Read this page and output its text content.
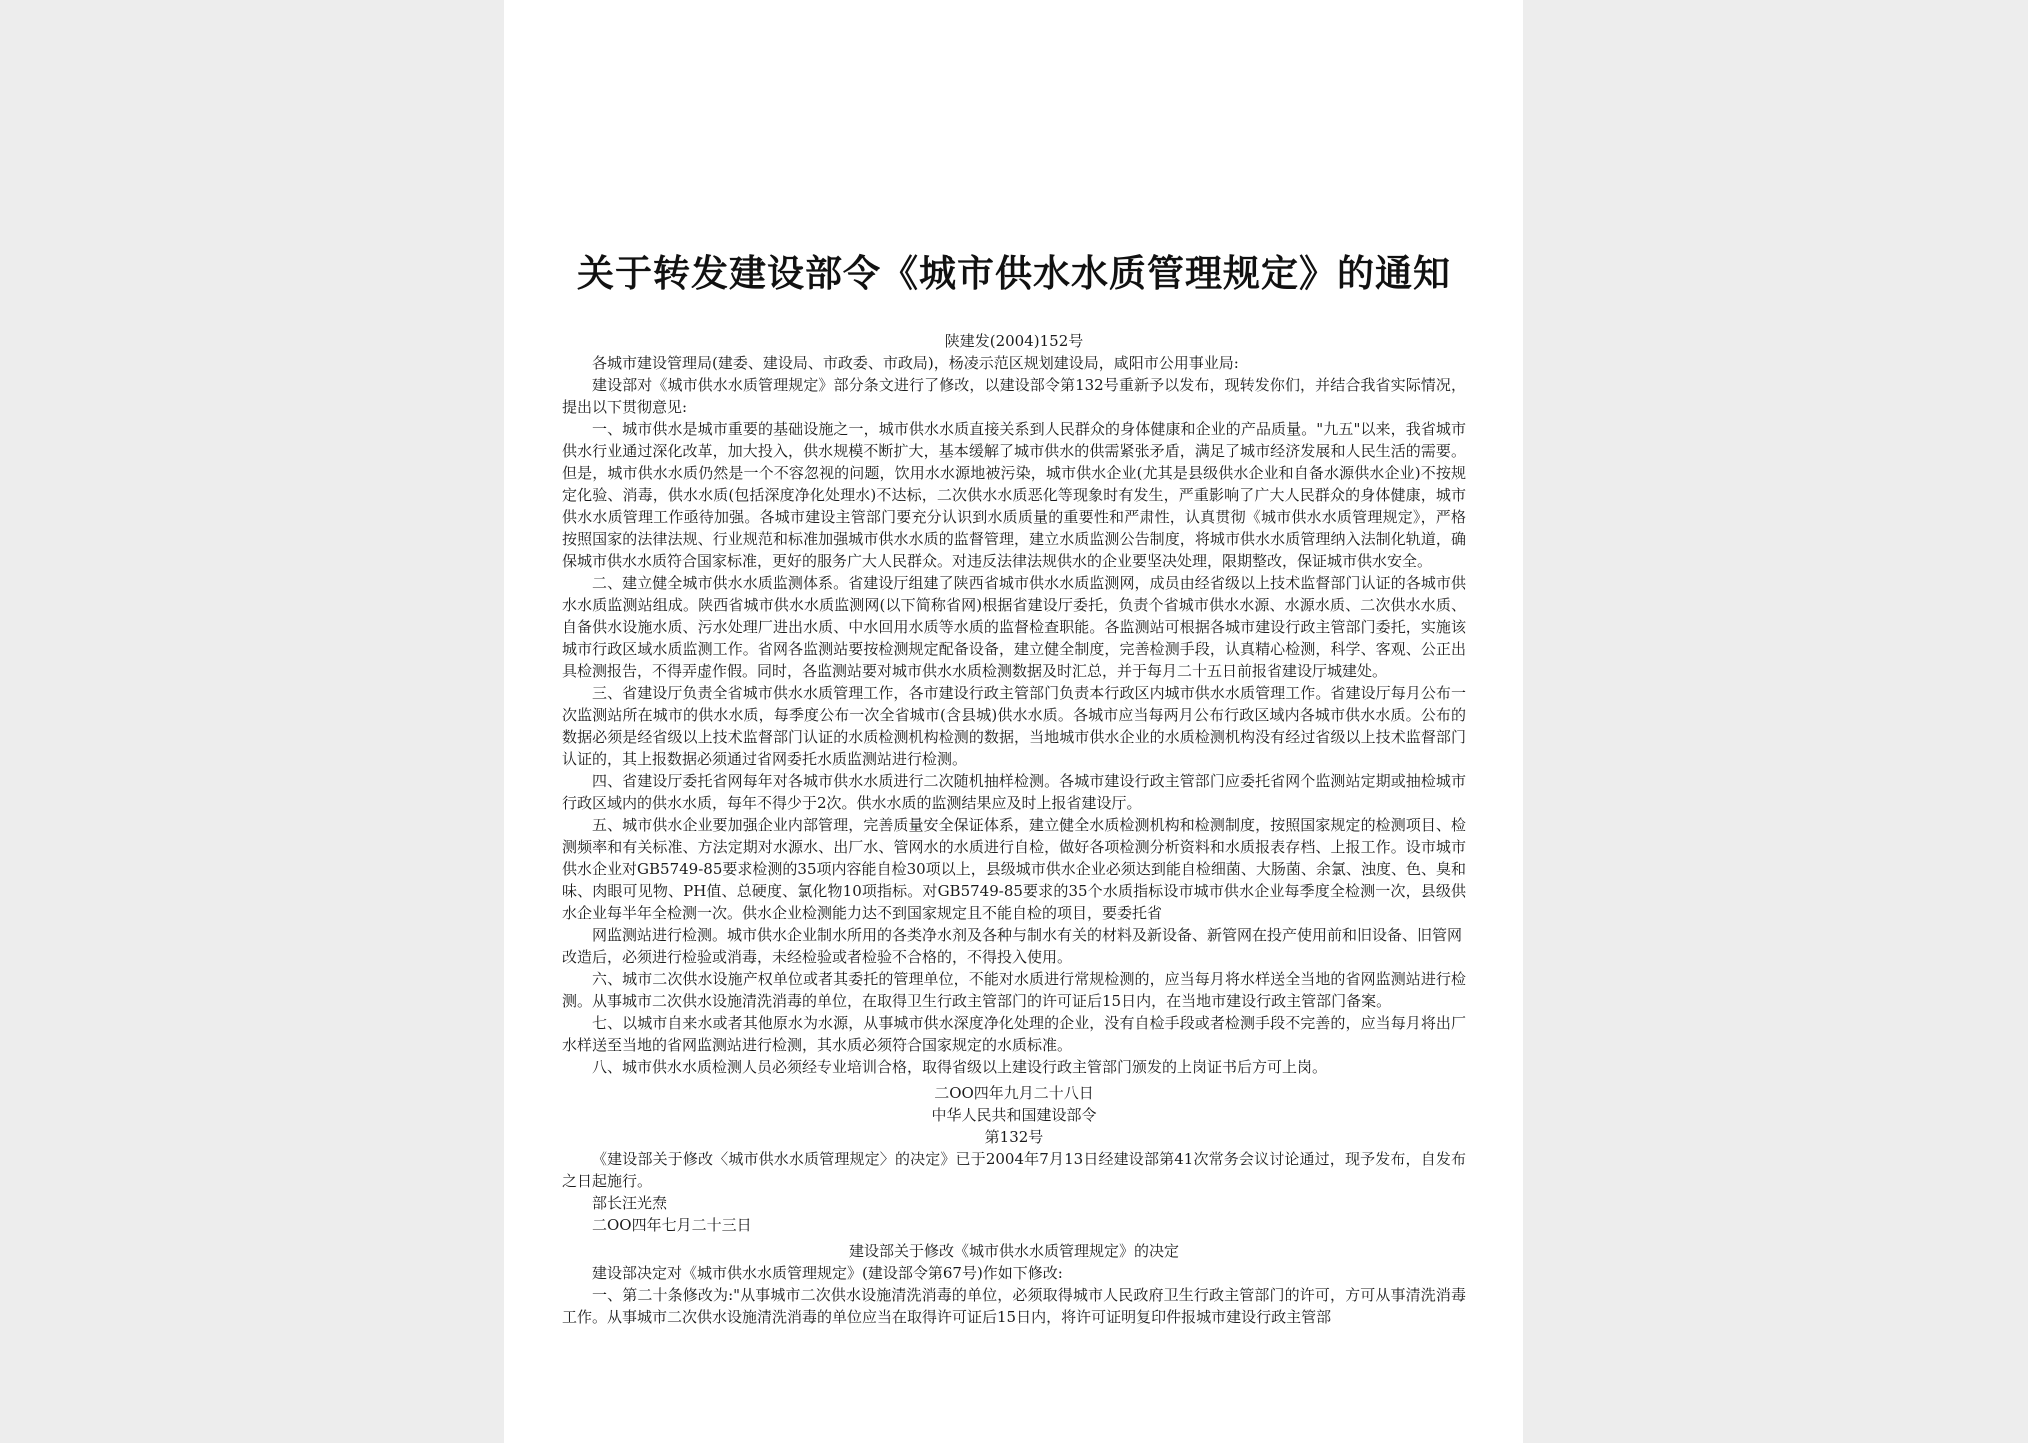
关于转发建设部令《城市供水水质管理规定》的通知

陕建发(2004)152号

各城市建设管理局(建委、建设局、市政委、市政局)，杨凌示范区规划建设局，咸阳市公用事业局:

建设部对《城市供水水质管理规定》部分条文进行了修改，以建设部令第132号重新予以发布，现转发你们，并结合我省实际情况，提出以下贯彻意见:

一、城市供水是城市重要的基础设施之一，城市供水水质直接关系到人民群众的身体健康和企业的产品质量。"九五"以来，我省城市供水行业通过深化改革，加大投入，供水规模不断扩大，基本缓解了城市供水的供需紧张矛盾，满足了城市经济发展和人民生活的需要。但是，城市供水水质仍然是一个不容忽视的问题，饮用水水源地被污染，城市供水企业(尤其是县级供水企业和自备水源供水企业)不按规定化验、消毒，供水水质(包括深度净化处理水)不达标，二次供水水质恶化等现象时有发生，严重影响了广大人民群众的身体健康，城市供水水质管理工作亟待加强。各城市建设主管部门要充分认识到水质质量的重要性和严肃性，认真贯彻《城市供水水质管理规定》，严格按照国家的法律法规、行业规范和标准加强城市供水水质的监督管理，建立水质监测公告制度，将城市供水水质管理纳入法制化轨道，确保城市供水水质符合国家标准，更好的服务广大人民群众。对违反法律法规供水的企业要坚决处理，限期整改，保证城市供水安全。

二、建立健全城市供水水质监测体系。省建设厅组建了陕西省城市供水水质监测网，成员由经省级以上技术监督部门认证的各城市供水水质监测站组成。陕西省城市供水水质监测网(以下简称省网)根据省建设厅委托，负责个省城市供水水源、水源水质、二次供水水质、自备供水设施水质、污水处理厂进出水质、中水回用水质等水质的监督检查职能。各监测站可根据各城市建设行政主管部门委托，实施该城市行政区域水质监测工作。省网各监测站要按检测规定配备设备，建立健全制度，完善检测手段，认真精心检测，科学、客观、公正出具检测报告，不得弄虚作假。同时，各监测站要对城市供水水质检测数据及时汇总，并于每月二十五日前报省建设厅城建处。

三、省建设厅负责全省城市供水水质管理工作，各市建设行政主管部门负责本行政区内城市供水水质管理工作。省建设厅每月公布一次监测站所在城市的供水水质，每季度公布一次全省城市(含县城)供水水质。各城市应当每两月公布行政区域内各城市供水水质。公布的数据必须是经省级以上技术监督部门认证的水质检测机构检测的数据，当地城市供水企业的水质检测机构没有经过省级以上技术监督部门认证的，其上报数据必须通过省网委托水质监测站进行检测。

四、省建设厅委托省网每年对各城市供水水质进行二次随机抽样检测。各城市建设行政主管部门应委托省网个监测站定期或抽检城市行政区域内的供水水质，每年不得少于2次。供水水质的监测结果应及时上报省建设厅。

五、城市供水企业要加强企业内部管理，完善质量安全保证体系，建立健全水质检测机构和检测制度，按照国家规定的检测项目、检测频率和有关标准、方法定期对水源水、出厂水、管网水的水质进行自检，做好各项检测分析资料和水质报表存档、上报工作。设市城市供水企业对GB5749-85要求检测的35项内容能自检30项以上，县级城市供水企业必须达到能自检细菌、大肠菌、余氯、浊度、色、臭和味、肉眼可见物、PH值、总硬度、氯化物10项指标。对GB5749-85要求的35个水质指标设市城市供水企业每季度全检测一次，县级供水企业每半年全检测一次。供水企业检测能力达不到国家规定且不能自检的项目，要委托省

网监测站进行检测。城市供水企业制水所用的各类净水剂及各种与制水有关的材料及新设备、新管网在投产使用前和旧设备、旧管网改造后，必须进行检验或消毒，未经检验或者检验不合格的，不得投入使用。

六、城市二次供水设施产权单位或者其委托的管理单位，不能对水质进行常规检测的，应当每月将水样送全当地的省网监测站进行检测。从事城市二次供水设施清洗消毒的单位，在取得卫生行政主管部门的许可证后15日内，在当地市建设行政主管部门备案。

七、以城市自来水或者其他原水为水源，从事城市供水深度净化处理的企业，没有自检手段或者检测手段不完善的，应当每月将出厂水样送至当地的省网监测站进行检测，其水质必须符合国家规定的水质标准。

八、城市供水水质检测人员必须经专业培训合格，取得省级以上建设行政主管部门颁发的上岗证书后方可上岗。

二OO四年九月二十八日

中华人民共和国建设部令

第132号

《建设部关于修改〈城市供水水质管理规定〉的决定》已于2004年7月13日经建设部第41次常务会议讨论通过，现予发布，自发布之日起施行。

部长汪光焘

二OO四年七月二十三日

建设部关于修改《城市供水水质管理规定》的决定

建设部决定对《城市供水水质管理规定》(建设部令第67号)作如下修改:

一、第二十条修改为:"从事城市二次供水设施清洗消毒的单位，必须取得城市人民政府卫生行政主管部门的许可，方可从事清洗消毒工作。从事城市二次供水设施清洗消毒的单位应当在取得许可证后15日内，将许可证明复印件报城市建设行政主管部
